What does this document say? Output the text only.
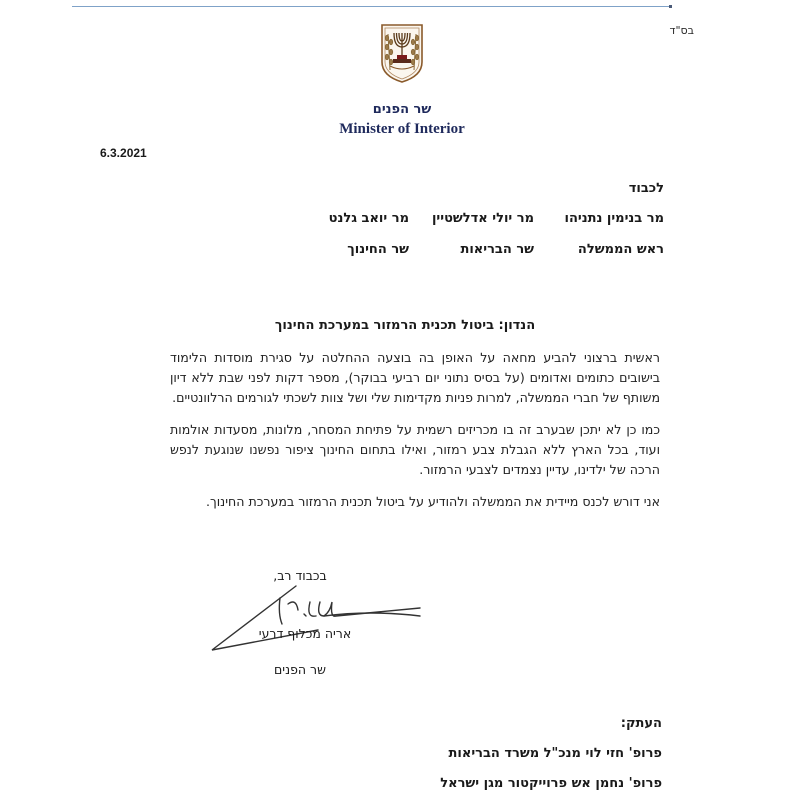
בס"ד
שר הפנים
Minister of Interior
6.3.2021
לכבוד
מר בנימין נתניהו
ראש הממשלה
מר יולי אדלשטיין
שר הבריאות
מר יואב גלנט
שר החינוך
הנדון: ביטול תכנית הרמזור במערכת החינוך

ראשית ברצוני להביע מחאה על האופן בה בוצעה ההחלטה על סגירת מוסדות הלימוד בישובים כתומים ואדומים (על בסיס נתוני יום רביעי בבוקר), מספר דקות לפני שבת ללא דיון משותף של חברי הממשלה, למרות פניות מקדימות שלי ושל צוות לשכתי לגורמים הרלוונטיים.

כמו כן לא יתכן שבערב זה בו מכריזים רשמית על פתיחת המסחר, מלונות, מסעדות אולמות ועוד, בכל הארץ ללא הגבלת צבע רמזור, ואילו בתחום החינוך ציפור נפשנו שנוגעת לנפש הרכה של ילדינו, עדיין נצמדים לצבעי הרמזור.

אני דורש לכנס מיידית את הממשלה ולהודיע על ביטול תכנית הרמזור במערכת החינוך.

בכבוד רב,
אריה מכלוף דרעי
שר הפנים
העתק:
פרופ' חזי לוי מנכ"ל משרד הבריאות
פרופ' נחמן אש פרוייקטור מגן ישראל
